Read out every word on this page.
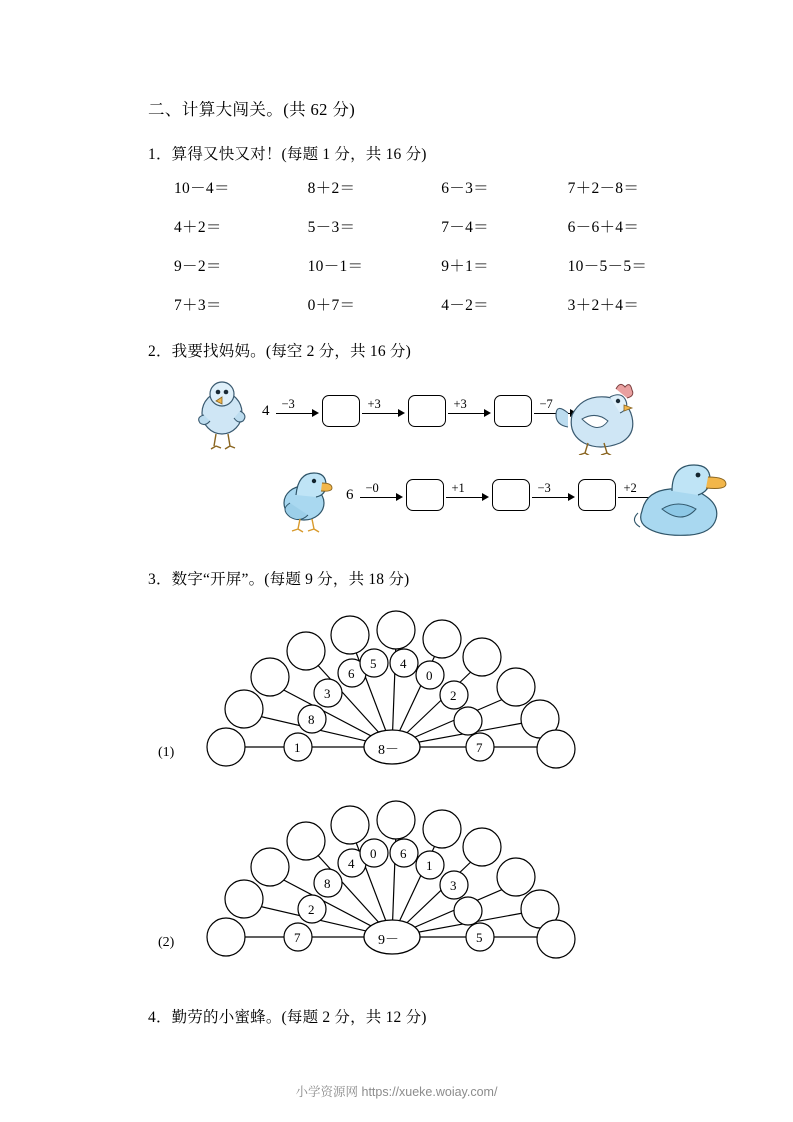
二、计算大闯关。(共 62 分)
1．算得又快又对！(每题 1 分，共 16 分)
10－4＝	8＋2＝	6－3＝	7＋2－8＝
4＋2＝	5－3＝	7－4＝	6－6＋4＝
9－2＝	10－1＝	9＋1＝	10－5－5＝
7＋3＝	0＋7＝	4－2＝	3＋2＋4＝
2．我要找妈妈。(每空 2 分，共 16 分)
4 −3	+3	+3	−7
6 −0	+1	−3	+2
3．数字“开屏”。(每题 9 分，共 18 分)
(1)	1
8
3
6
5 4
0
2
7
8－
(2)	7
2
8
4
0 6
1
3
5
9－
4．勤劳的小蜜蜂。(每题 2 分，共 12 分)
小学资源网 https://xueke.woiay.com/
